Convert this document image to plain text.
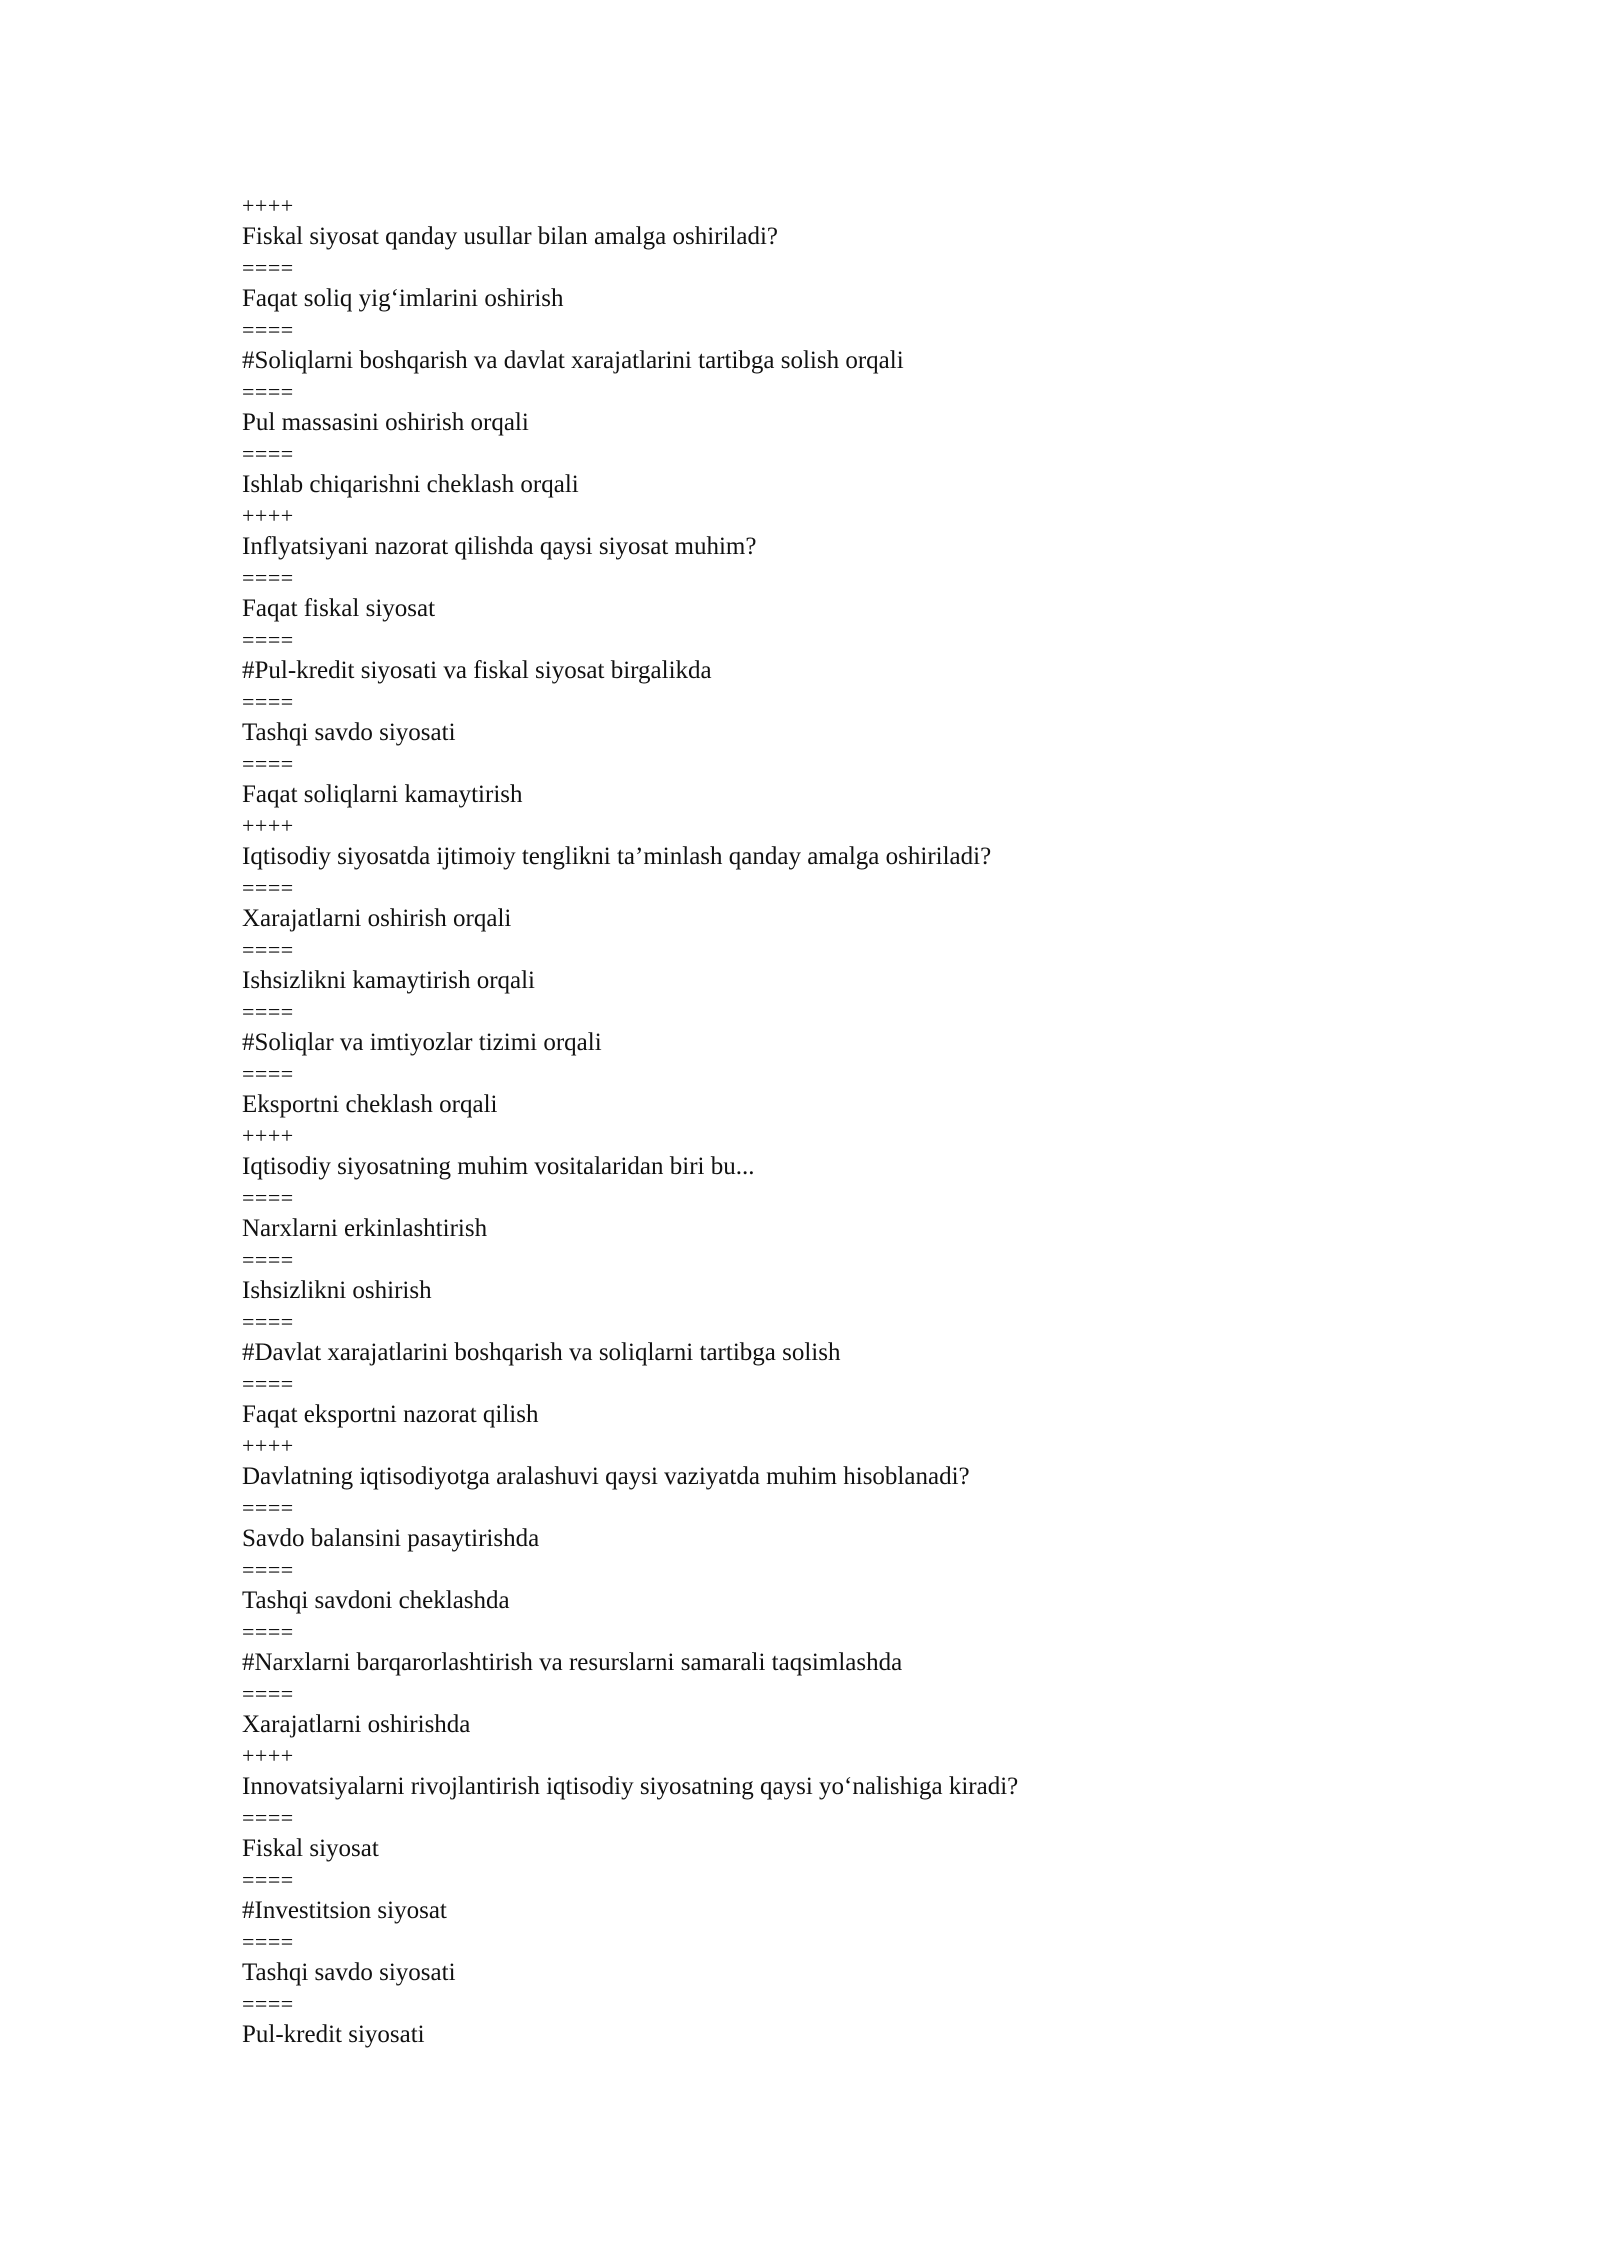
++++
Fiskal siyosat qanday usullar bilan amalga oshiriladi?
====
Faqat soliq yig‘imlarini oshirish
====
#Soliqlarni boshqarish va davlat xarajatlarini tartibga solish orqali
====
Pul massasini oshirish orqali
====
Ishlab chiqarishni cheklash orqali
++++
Inflyatsiyani nazorat qilishda qaysi siyosat muhim?
====
Faqat fiskal siyosat
====
#Pul-kredit siyosati va fiskal siyosat birgalikda
====
Tashqi savdo siyosati
====
Faqat soliqlarni kamaytirish
++++
Iqtisodiy siyosatda ijtimoiy tenglikni ta’minlash qanday amalga oshiriladi?
====
Xarajatlarni oshirish orqali
====
Ishsizlikni kamaytirish orqali
====
#Soliqlar va imtiyozlar tizimi orqali
====
Eksportni cheklash orqali
++++
Iqtisodiy siyosatning muhim vositalaridan biri bu...
====
Narxlarni erkinlashtirish
====
Ishsizlikni oshirish
====
#Davlat xarajatlarini boshqarish va soliqlarni tartibga solish
====
Faqat eksportni nazorat qilish
++++
Davlatning iqtisodiyotga aralashuvi qaysi vaziyatda muhim hisoblanadi?
====
Savdo balansini pasaytirishda
====
Tashqi savdoni cheklashda
====
#Narxlarni barqarorlashtirish va resurslarni samarali taqsimlashda
====
Xarajatlarni oshirishda
++++
Innovatsiyalarni rivojlantirish iqtisodiy siyosatning qaysi yo‘nalishiga kiradi?
====
Fiskal siyosat
====
#Investitsion siyosat
====
Tashqi savdo siyosati
====
Pul-kredit siyosati
